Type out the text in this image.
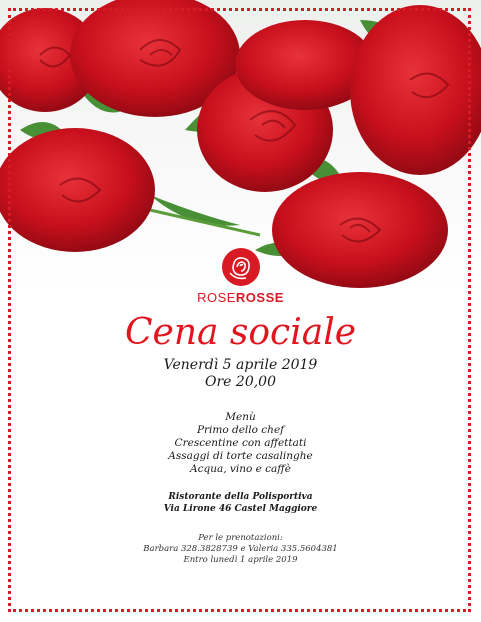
ROSEROSSE
Cena sociale
Venerdì 5 aprile 2019
Ore 20,00
Menù
Primo dello chef
Crescentine con affettati
Assaggi di torte casalinghe
Acqua, vino e caffè
Ristorante della Polisportiva
Via Lirone 46 Castel Maggiore
Per le prenotazioni:
Barbara 328.3828739 e Valeria 335.5604381
Entro lunedì 1 aprile 2019
